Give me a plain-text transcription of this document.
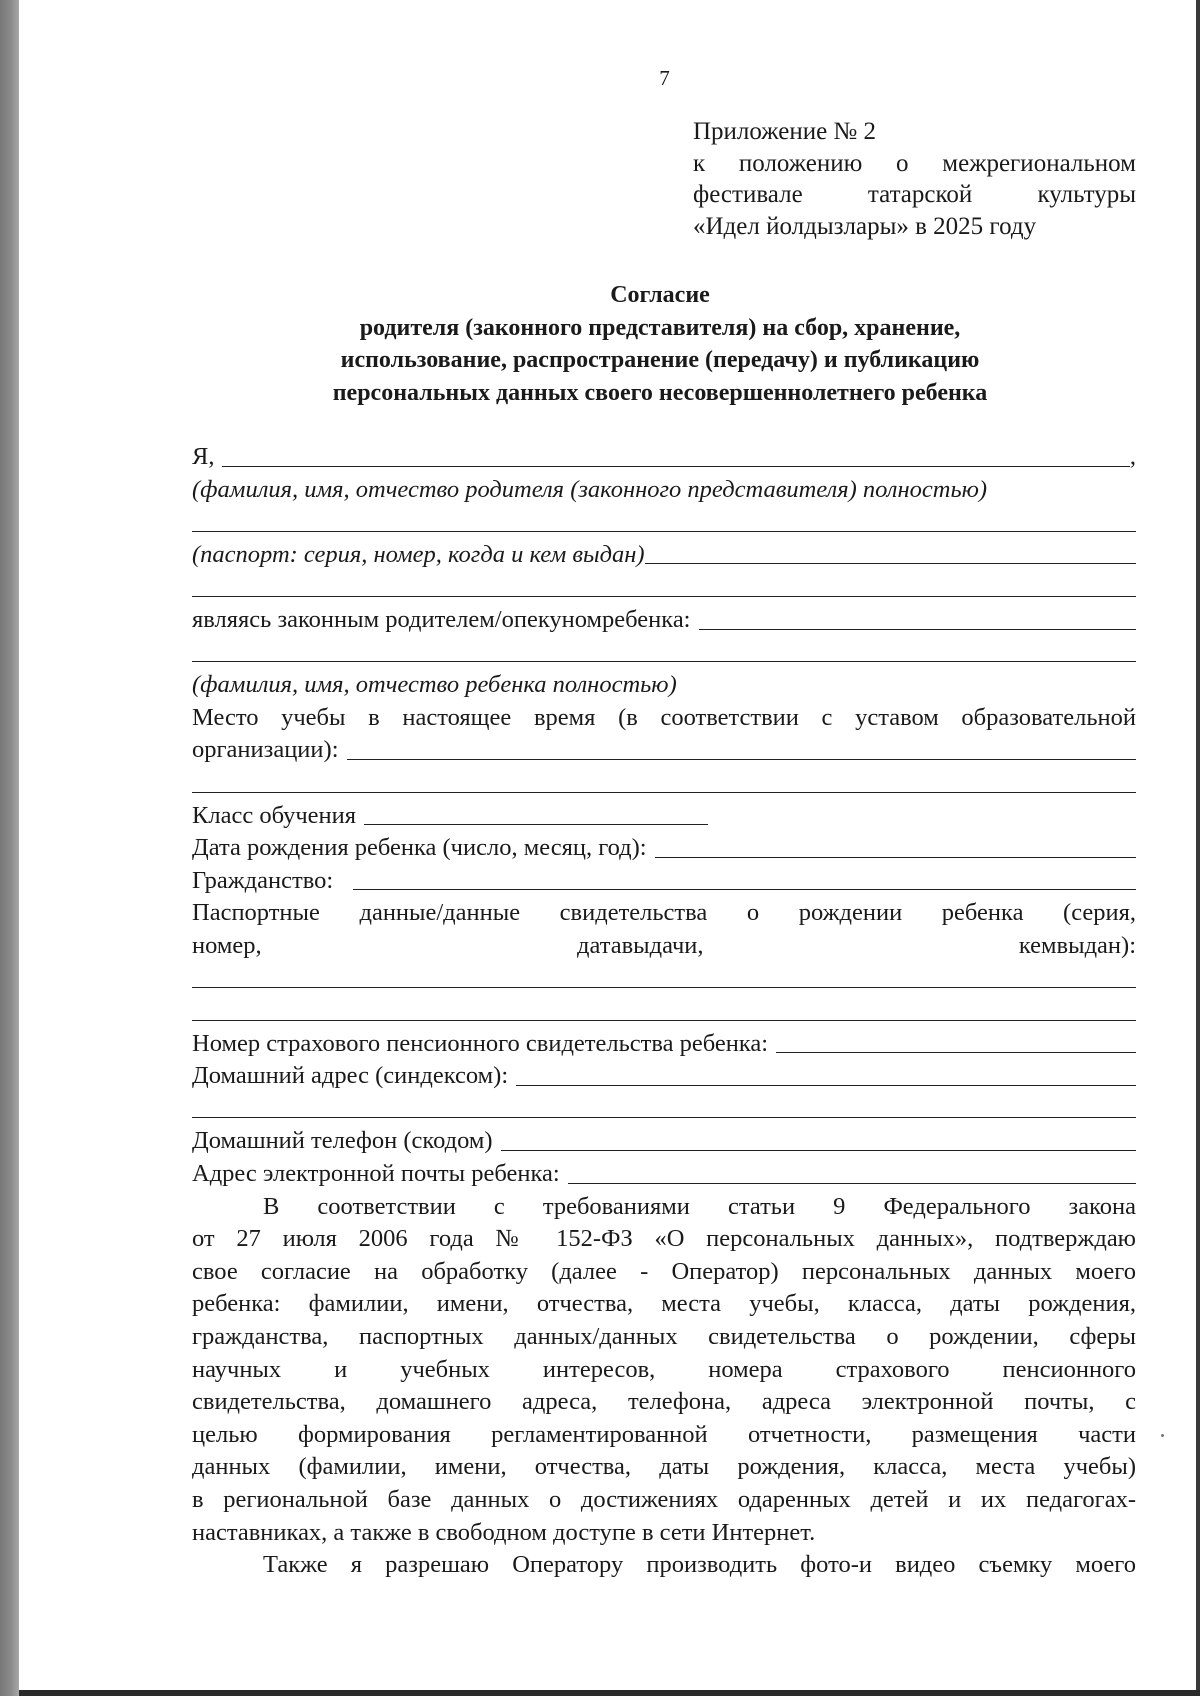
7
Приложение № 2
к положению о межрегиональном
фестивале татарской культуры
«Идел йолдызлары» в 2025 году
Согласие
родителя (законного представителя) на сбор, хранение,
использование, распространение (передачу) и публикацию
персональных данных своего несовершеннолетнего ребенка
Я,	,
(фамилия, имя, отчество родителя (законного представителя) полностью)
(паспорт: серия, номер, когда и кем выдан)
являясь законным родителем/опекуномребенка:
(фамилия, имя, отчество ребенка полностью)
Место учебы в настоящее время (в соответствии с уставом образовательной
организации):
Класс обучения
Дата рождения ребенка (число, месяц, год):
Гражданство:
Паспортные данные/данные свидетельства о рождении ребенка (серия,
номер, датавыдачи, кемвыдан):
Номер страхового пенсионного свидетельства ребенка:
Домашний адрес (синдексом):
Домашний телефон (скодом)
Адрес электронной почты ребенка:
В соответствии с требованиями статьи 9 Федерального закона
от 27 июля 2006 года № 152-ФЗ «О персональных данных», подтверждаю
свое согласие на обработку (далее - Оператор) персональных данных моего
ребенка: фамилии, имени, отчества, места учебы, класса, даты рождения,
гражданства, паспортных данных/данных свидетельства о рождении, сферы
научных и учебных интересов, номера страхового пенсионного
свидетельства, домашнего адреса, телефона, адреса электронной почты, с
целью формирования регламентированной отчетности, размещения части
данных (фамилии, имени, отчества, даты рождения, класса, места учебы)
в региональной базе данных о достижениях одаренных детей и их педагогах-
наставниках, а также в свободном доступе в сети Интернет.
Также я разрешаю Оператору производить фото-и видео съемку моего
